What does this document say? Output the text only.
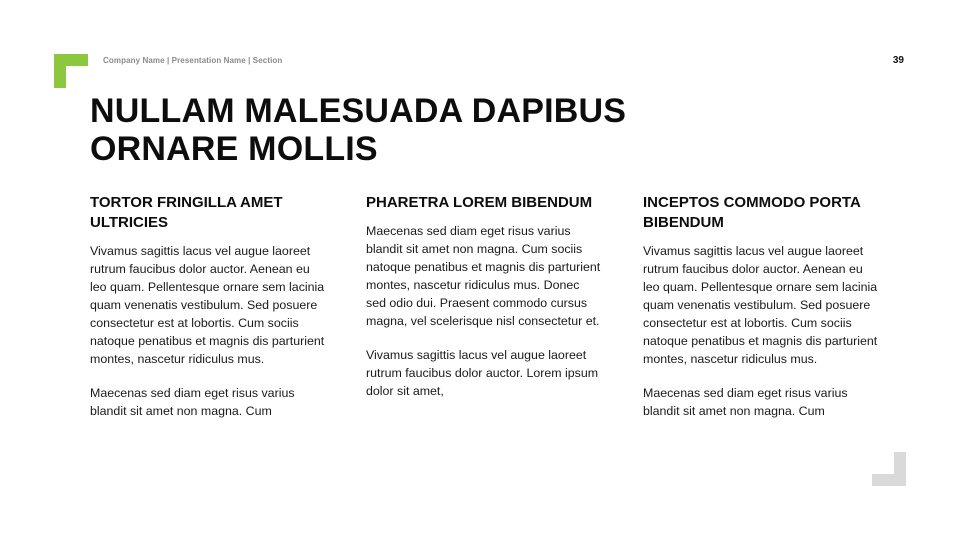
Company Name | Presentation Name | Section	39
NULLAM MALESUADA DAPIBUS ORNARE MOLLIS
TORTOR FRINGILLA AMET ULTRICIES

Vivamus sagittis lacus vel augue laoreet rutrum faucibus dolor auctor. Aenean eu leo quam. Pellentesque ornare sem lacinia quam venenatis vestibulum. Sed posuere consectetur est at lobortis. Cum sociis natoque penatibus et magnis dis parturient montes, nascetur ridiculus mus.

Maecenas sed diam eget risus varius blandit sit amet non magna. Cum

PHARETRA LOREM BIBENDUM

Maecenas sed diam eget risus varius blandit sit amet non magna. Cum sociis natoque penatibus et magnis dis parturient montes, nascetur ridiculus mus. Donec sed odio dui. Praesent commodo cursus magna, vel scelerisque nisl consectetur et.

Vivamus sagittis lacus vel augue laoreet rutrum faucibus dolor auctor. Lorem ipsum dolor sit amet,

INCEPTOS COMMODO PORTA BIBENDUM

Vivamus sagittis lacus vel augue laoreet rutrum faucibus dolor auctor. Aenean eu leo quam. Pellentesque ornare sem lacinia quam venenatis vestibulum. Sed posuere consectetur est at lobortis. Cum sociis natoque penatibus et magnis dis parturient montes, nascetur ridiculus mus.

Maecenas sed diam eget risus varius blandit sit amet non magna. Cum
